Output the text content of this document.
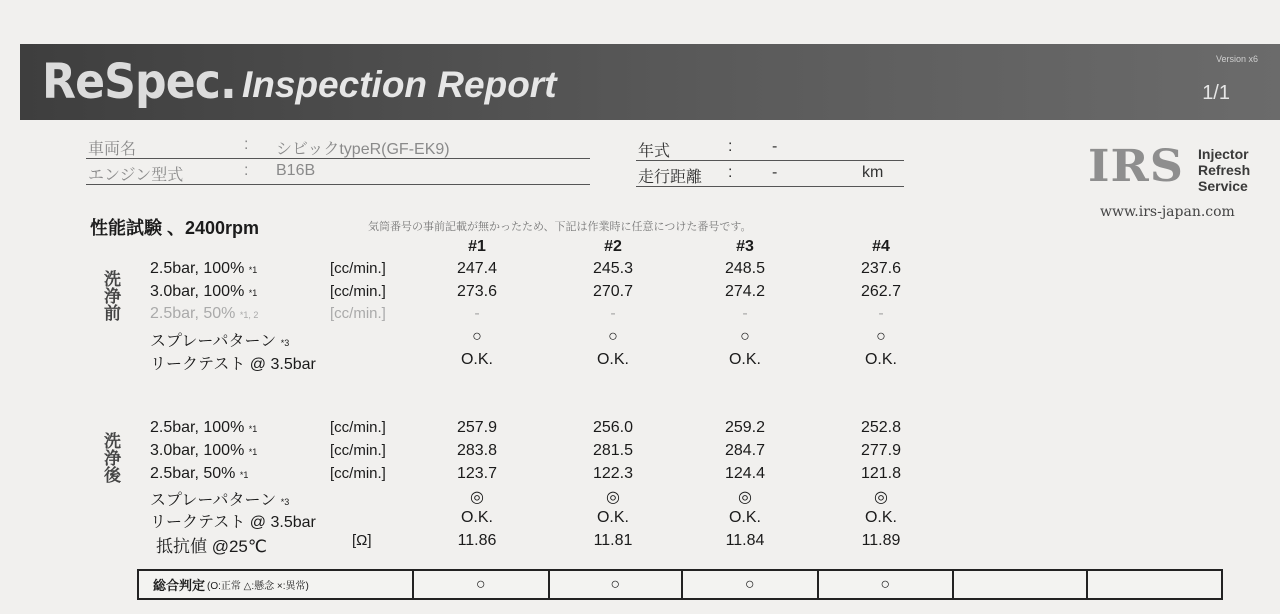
ReSpec. Inspection Report
Version x6
1/1
車両名	: シビックtypeR(GF-EK9)
エンジン型式	: B16B
年式	: -
走行距離 : -	km	IRS Injector
Refresh
Service
www.irs-japan.com
性能試験 、2400rpm	気筒番号の事前記載が無かったため、下記は作業時に任意につけた番号です。
#1	#2	#3	#4
洗浄前
2.5bar, 100% *1	[cc/min.]	247.4	245.3	248.5	237.6
3.0bar, 100% *1	[cc/min.]	273.6	270.7	274.2	262.7
2.5bar, 50% *1, 2	[cc/min.]	-	-	-	-
スプレーパターン *3	○	○	○	○
リークテスト @ 3.5bar	O.K.	O.K.	O.K.	O.K.
洗浄後
2.5bar, 100% *1	[cc/min.]	257.9	256.0	259.2	252.8
3.0bar, 100% *1	[cc/min.]	283.8	281.5	284.7	277.9
2.5bar, 50% *1	[cc/min.]	123.7	122.3	124.4	121.8
スプレーパターン *3	◎	◎	◎	◎
リークテスト @ 3.5bar	O.K.	O.K.	O.K.	O.K.
抵抗値 @25℃	[Ω]	11.86	11.81	11.84	11.89
総合判定 (O:正常 △:懸念 ×:異常)	○	○	○	○
